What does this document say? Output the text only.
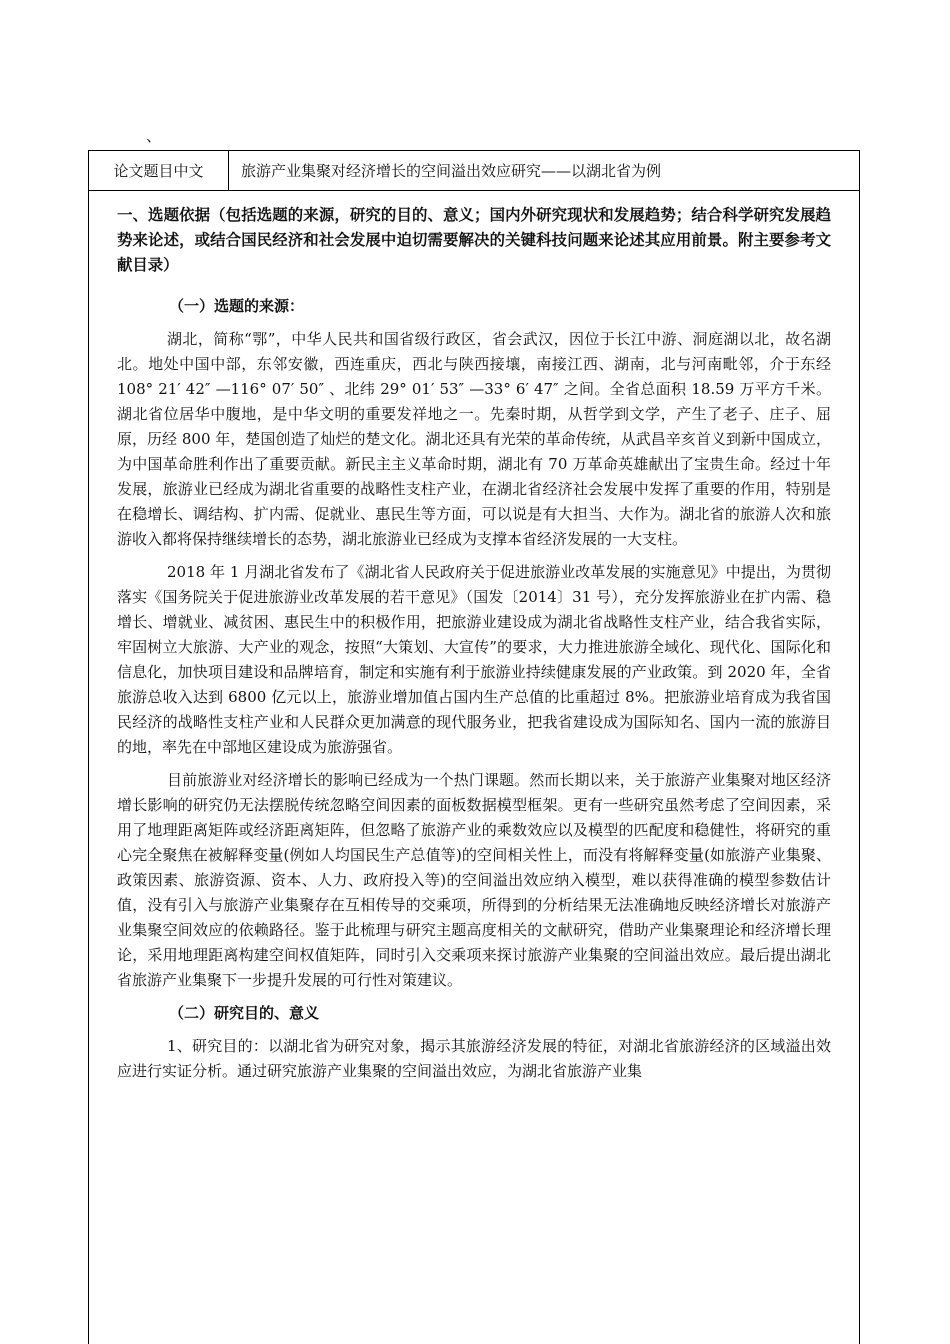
、
论文题目中文	旅游产业集聚对经济增长的空间溢出效应研究——以湖北省为例
一、选题依据（包括选题的来源，研究的目的、意义；国内外研究现状和发展趋势；结合科学研究发展趋势来论述，或结合国民经济和社会发展中迫切需要解决的关键科技问题来论述其应用前景。附主要参考文献目录）
（一）选题的来源：

湖北，简称“鄂”，中华人民共和国省级行政区，省会武汉，因位于长江中游、洞庭湖以北，故名湖北。地处中国中部，东邻安徽，西连重庆，西北与陕西接壤，南接江西、湖南，北与河南毗邻，介于东经 108° 21′ 42″ —116° 07′ 50″ 、北纬 29° 01′ 53″ —33° 6′ 47″ 之间。全省总面积 18.59 万平方千米。湖北省位居华中腹地，是中华文明的重要发祥地之一。先秦时期，从哲学到文学，产生了老子、庄子、屈原，历经 800 年，楚国创造了灿烂的楚文化。湖北还具有光荣的革命传统，从武昌辛亥首义到新中国成立，为中国革命胜利作出了重要贡献。新民主主义革命时期，湖北有 70 万革命英雄献出了宝贵生命。经过十年发展，旅游业已经成为湖北省重要的战略性支柱产业，在湖北省经济社会发展中发挥了重要的作用，特别是在稳增长、调结构、扩内需、促就业、惠民生等方面，可以说是有大担当、大作为。湖北省的旅游人次和旅游收入都将保持继续增长的态势，湖北旅游业已经成为支撑本省经济发展的一大支柱。

2018 年 1 月湖北省发布了《湖北省人民政府关于促进旅游业改革发展的实施意见》中提出，为贯彻落实《国务院关于促进旅游业改革发展的若干意见》（国发〔2014〕31 号），充分发挥旅游业在扩内需、稳增长、增就业、减贫困、惠民生中的积极作用，把旅游业建设成为湖北省战略性支柱产业，结合我省实际，牢固树立大旅游、大产业的观念，按照“大策划、大宣传”的要求，大力推进旅游全域化、现代化、国际化和信息化，加快项目建设和品牌培育，制定和实施有利于旅游业持续健康发展的产业政策。到 2020 年，全省旅游总收入达到 6800 亿元以上，旅游业增加值占国内生产总值的比重超过 8%。把旅游业培育成为我省国民经济的战略性支柱产业和人民群众更加满意的现代服务业，把我省建设成为国际知名、国内一流的旅游目的地，率先在中部地区建设成为旅游强省。

目前旅游业对经济增长的影响已经成为一个热门课题。然而长期以来，关于旅游产业集聚对地区经济增长影响的研究仍无法摆脱传统忽略空间因素的面板数据模型框架。更有一些研究虽然考虑了空间因素，采用了地理距离矩阵或经济距离矩阵，但忽略了旅游产业的乘数效应以及模型的匹配度和稳健性，将研究的重心完全聚焦在被解释变量(例如人均国民生产总值等)的空间相关性上，而没有将解释变量(如旅游产业集聚、政策因素、旅游资源、资本、人力、政府投入等)的空间溢出效应纳入模型，难以获得准确的模型参数估计值，没有引入与旅游产业集聚存在互相传导的交乘项，所得到的分析结果无法准确地反映经济增长对旅游产业集聚空间效应的依赖路径。鉴于此梳理与研究主题高度相关的文献研究，借助产业集聚理论和经济增长理论，采用地理距离构建空间权值矩阵，同时引入交乘项来探讨旅游产业集聚的空间溢出效应。最后提出湖北省旅游产业集聚下一步提升发展的可行性对策建议。

（二）研究目的、意义

1、研究目的：以湖北省为研究对象，揭示其旅游经济发展的特征，对湖北省旅游经济的区域溢出效应进行实证分析。通过研究旅游产业集聚的空间溢出效应，为湖北省旅游产业集
